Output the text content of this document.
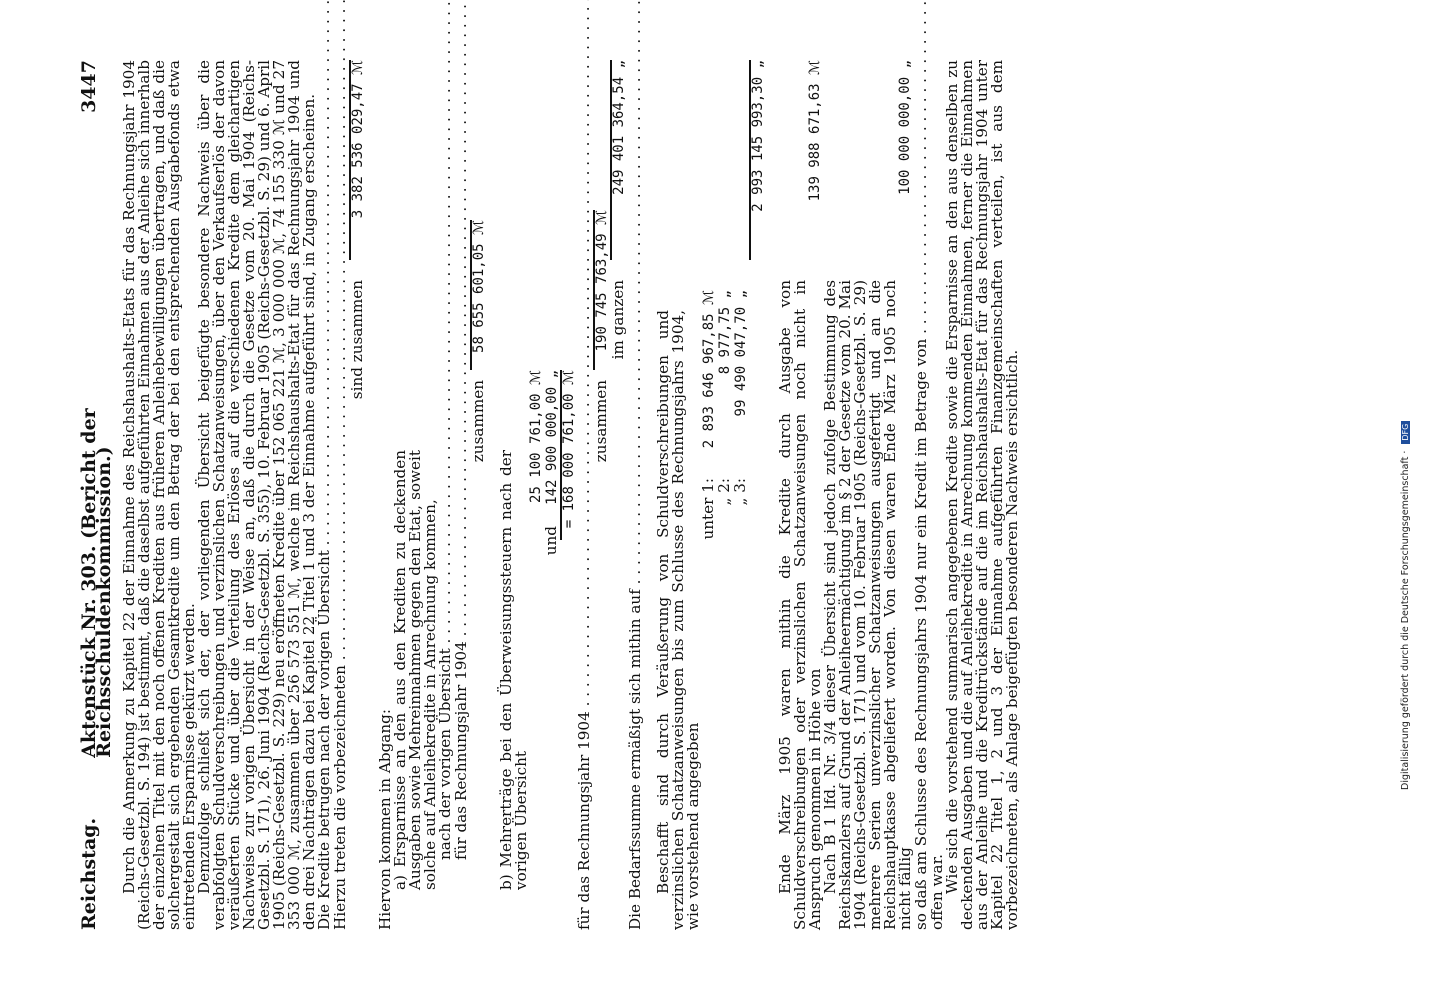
Reichstag.
Aktenstück Nr. 303. (Bericht der Reichsschuldenkommission.)
3447 Durch die Anmerkung zu Kapitel 22 der Einnahme des Reichshaushalts-Etats für das Rechnungsjahr 1904 (Reichs-Gesetzbl. S. 194) ist bestimmt, daß die daselbst aufgeführten Einnahmen aus der Anleihe sich innerhalb der einzelnen Titel mit den noch offenen Krediten aus früheren Anleihebewilligungen übertragen, und daß die solchergestalt sich ergebenden Gesamtkredite um den Betrag der bei den entsprechenden Ausgabefonds etwa eintretenden Ersparnisse gekürzt werden.

Demzufolge schließt sich der, der vorliegenden Übersicht beigefügte besondere Nachweis über die verabfolgten Schuldverschreibungen und verzinslichen Schatzanweisungen, über den Verkaufserlös der davon veräußerten Stücke und über die Verteilung des Erlöses auf die verschiedenen Kredite dem gleichartigen Nachweise zur vorigen Übersicht in der Weise an, daß die durch die Gesetze vom 20. Mai 1904 (Reichs-Gesetzbl. S. 171), 26. Juni 1904 (Reichs-Gesetzbl. S. 355), 10. Februar 1905 (Reichs-Gesetzbl. S. 29) und 6. April 1905 (Reichs-Gesetzbl. S. 229) neu eröffneten Kredite über 152 065 221 ℳ, 3 000 000 ℳ, 74 155 330 ℳ und 27 353 000 ℳ, zusammen über 256 573 551 ℳ, welche im Reichshaushalts-Etat für das Rechnungsjahr 1904 und den drei Nachträgen dazu bei Kapitel 22 Titel 1 und 3 der Einnahme aufgeführt sind, in Zugang erscheinen.

Die Kredite betrugen nach der vorigen Übersicht . . .
Hierzu treten die vorbezeichneten . . .
sind zusammen
3 382 536 029,47 ℳ

Hiervon kommen in Abgang:

a) Ersparnisse an den aus den Krediten zu deckenden Ausgaben sowie Mehreinnahmen gegen den Etat, soweit solche auf Anleihekredite in Anrechnung kommen,

nach der vorigen Übersicht . . .
für das Rechnungsjahr 1904 . . .
zusammen
58 655 601,05 ℳ

b) Mehrerträge bei den Überweisungssteuern nach der vorigen Übersicht

25 100 761,00 ℳ
und
142 900 000,00 „ = 168 000 761,00 ℳ
für das Rechnungsjahr 1904 . . .
zusammen
190 745 763,49 ℳ im ganzen
249 401 364,54 „
Die Bedarfssumme ermäßigt sich mithin auf . . . Beschafft sind durch Veräußerung von Schuldverschreibungen und verzinslichen Schatzanweisungen bis zum Schlusse des Rechnungsjahrs 1904, wie vorstehend angegeben

unter 1:
2 893 646 967,85 ℳ
„ 2:
8 977,75 „
„ 3:
99 490 047,70 „
2 993 145 993,30 „

Ende März 1905 waren mithin die Kredite durch Ausgabe von Schuldverschreibungen oder verzinslichen Schatzanweisungen noch nicht in Anspruch genommen in Höhe von

139 988 671,63 ℳ

Nach B 1 lfd. Nr. 3/4 dieser Übersicht sind jedoch zufolge Bestimmung des Reichskanzlers auf Grund der Anleiheermächtigung im § 2 der Gesetze vom 20. Mai 1904 (Reichs-Gesetzbl. S. 171) und vom 10. Februar 1905 (Reichs-Gesetzbl. S. 29) mehrere Serien unverzinslicher Schatzanweisungen ausgefertigt und an die Reichshauptkasse abgeliefert worden. Von diesen waren Ende März 1905 noch nicht fällig

100 000 000,00 „
so daß am Schlusse des Rechnungsjahrs 1904 nur ein Kredit im Betrage von . . .

offen war.

Wie sich die vorstehend summarisch angegebenen Kredite sowie die Ersparnisse an den aus denselben zu deckenden Ausgaben und die auf Anleihekredite in Anrechnung kommenden Einnahmen, ferner die Einnahmen aus der Anleihe und die Kreditrückstände auf die im Reichshaushalts-Etat für das Rechnungsjahr 1904 unter Kapitel 22 Titel 1, 2 und 3 der Einnahme aufgeführten Finanzgemeinschaften verteilen, ist aus dem vorbezeichneten, als Anlage beigefügten besonderen Nachweis ersichtlich.	Digitalisierung gefördert durch die Deutsche Forschungsgemeinschaft · DFG
